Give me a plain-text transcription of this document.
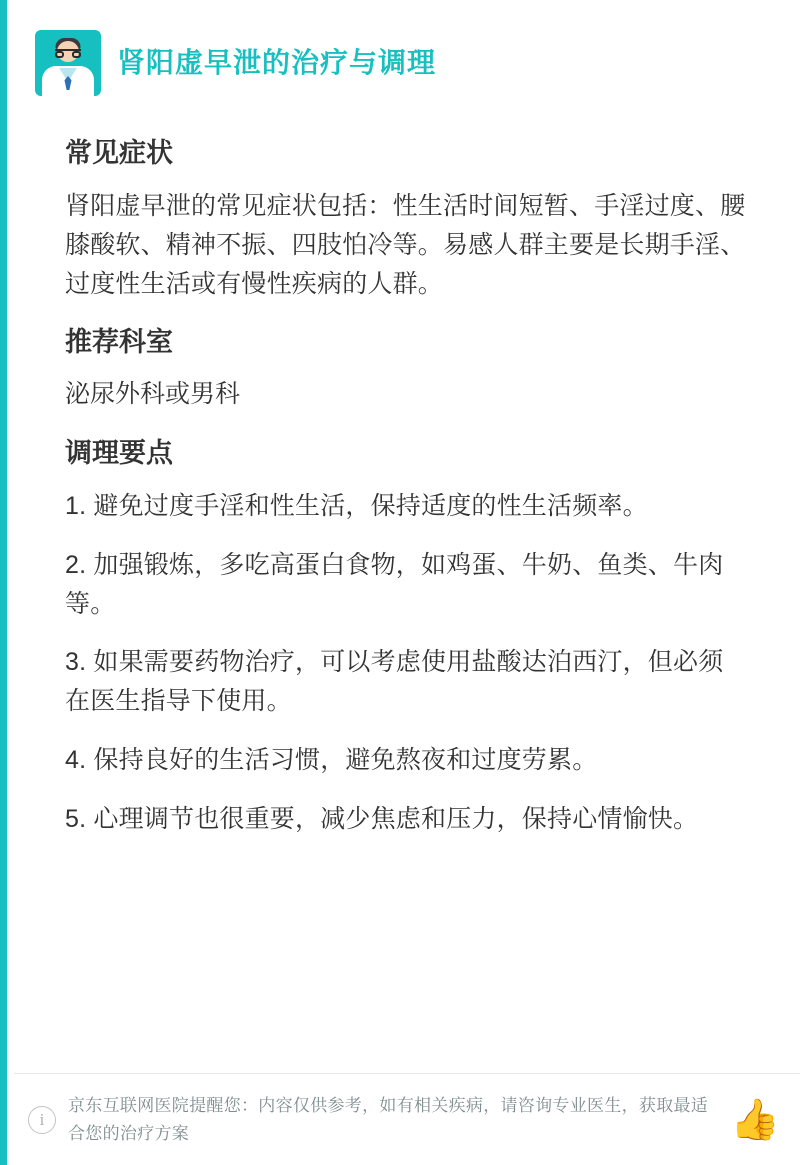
肾阳虚早泄的治疗与调理
常见症状

肾阳虚早泄的常见症状包括：性生活时间短暂、手淫过度、腰膝酸软、精神不振、四肢怕冷等。易感人群主要是长期手淫、过度性生活或有慢性疾病的人群。

推荐科室

泌尿外科或男科

调理要点
1. 避免过度手淫和性生活，保持适度的性生活频率。
2. 加强锻炼，多吃高蛋白食物，如鸡蛋、牛奶、鱼类、牛肉等。
3. 如果需要药物治疗，可以考虑使用盐酸达泊西汀，但必须在医生指导下使用。
4. 保持良好的生活习惯，避免熬夜和过度劳累。
5. 心理调节也很重要，减少焦虑和压力，保持心情愉快。
i
京东互联网医院提醒您：内容仅供参考，如有相关疾病，请咨询专业医生，获取最适合您的治疗方案	👍
